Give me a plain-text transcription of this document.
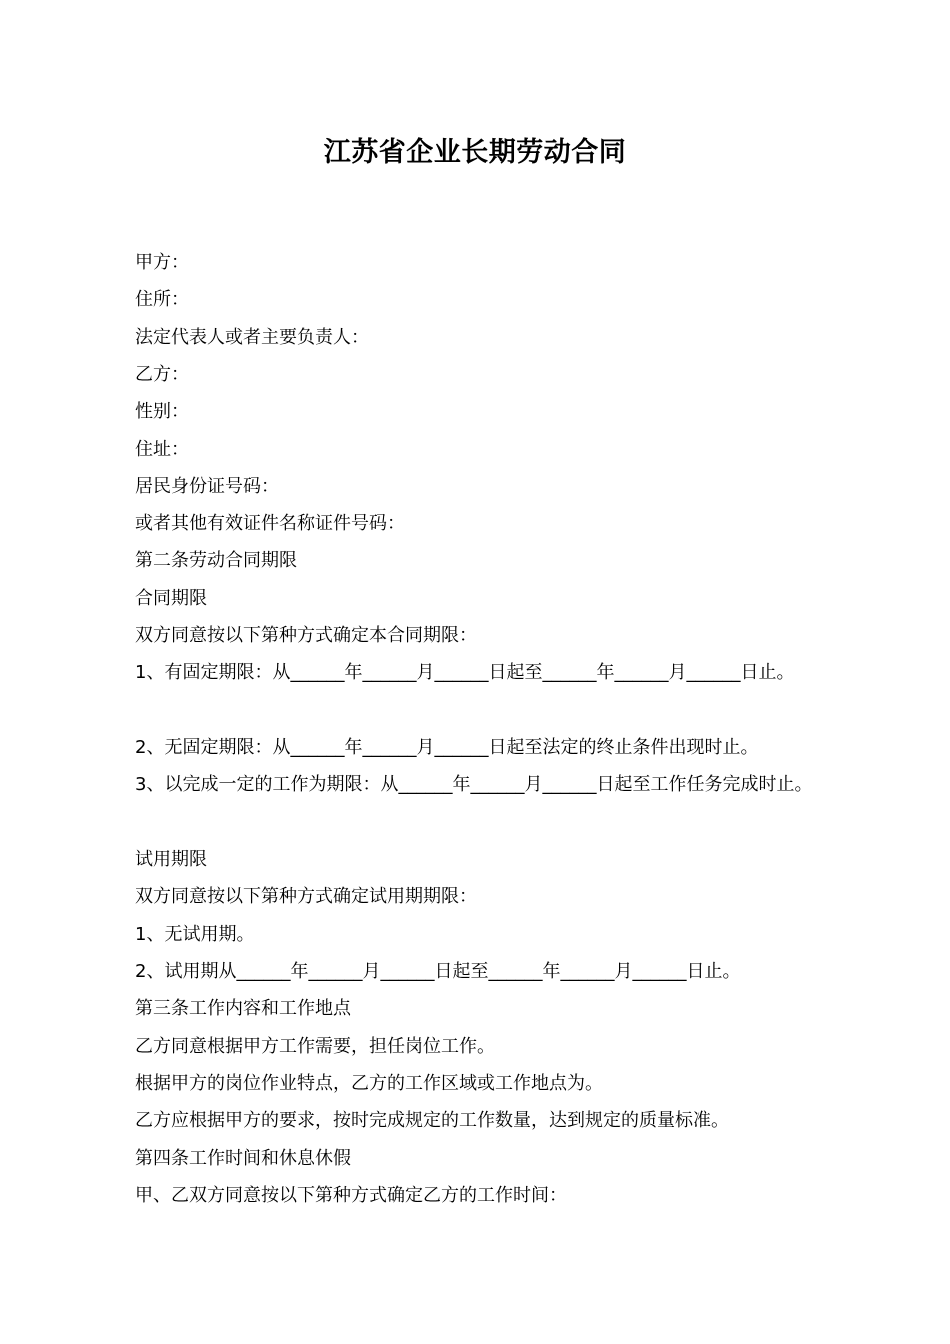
江苏省企业长期劳动合同
甲方：
住所：
法定代表人或者主要负责人：
乙方：
性别：
住址：
居民身份证号码：
或者其他有效证件名称证件号码：
第二条劳动合同期限
合同期限
双方同意按以下第种方式确定本合同期限：
1、有固定期限：从______年______月______日起至______年______月______日止。
2、无固定期限：从______年______月______日起至法定的终止条件出现时止。
3、以完成一定的工作为期限：从______年______月______日起至工作任务完成时止。
试用期限
双方同意按以下第种方式确定试用期期限：
1、无试用期。
2、试用期从______年______月______日起至______年______月______日止。
第三条工作内容和工作地点
乙方同意根据甲方工作需要，担任岗位工作。
根据甲方的岗位作业特点，乙方的工作区域或工作地点为。
乙方应根据甲方的要求，按时完成规定的工作数量，达到规定的质量标准。
第四条工作时间和休息休假
甲、乙双方同意按以下第种方式确定乙方的工作时间：
